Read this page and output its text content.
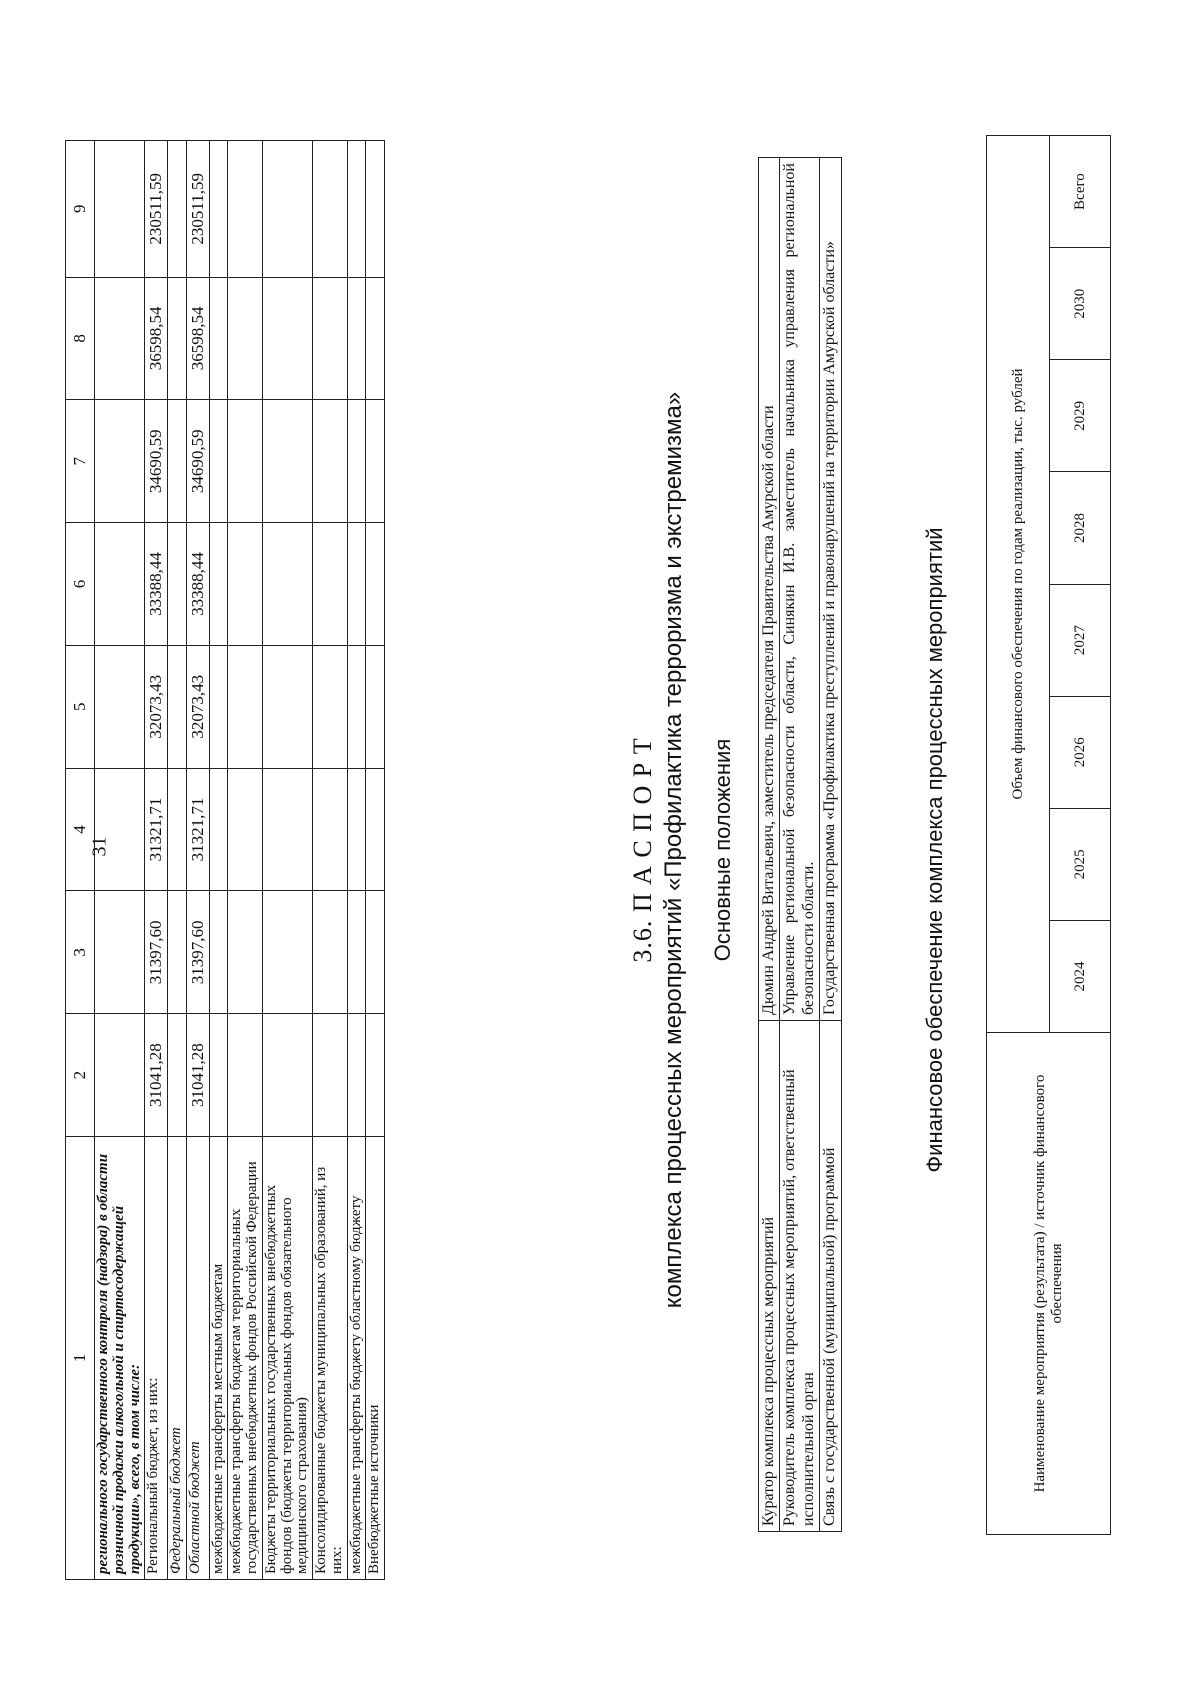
31
1	2	3	4	5	6	7	8	9
регионального государственного контроля (надзора) в области розничной продажи алкогольной и спиртосодержащей продукции», всего, в том числе:								
Региональный бюджет, из них:	31041,28	31397,60	31321,71	32073,43	33388,44	34690,59	36598,54	230511,59
Федеральный бюджет								
Областной бюджет	31041,28	31397,60	31321,71	32073,43	33388,44	34690,59	36598,54	230511,59
межбюджетные трансферты местным бюджетам								
межбюджетные трансферты бюджетам территориальных государственных внебюджетных фондов Российской Федерации								
Бюджеты территориальных государственных внебюджетных фондов (бюджеты территориальных фондов обязательного медицинского страхования)								
Консолидированные бюджеты муниципальных образований, из них:								
межбюджетные трансферты бюджету областному бюджету								
Внебюджетные источники								
3.6. П А С П О Р Т комплекса процессных мероприятий «Профилактика терроризма и экстремизма» Основные положения
Куратор комплекса процессных мероприятий	Дюмин Андрей Витальевич, заместитель председателя Правительства Амурской области
Руководитель комплекса процессных мероприятий, ответственный исполнительной орган	Управление региональной безопасности области, Синякин И.В. заместитель начальника управления региональной безопасности области.
Связь с государственной (муниципальной) программой	Государственная программа «Профилактика преступлений и правонарушений на территории Амурской области»	Финансовое обеспечение комплекса процессных мероприятий
Наименование мероприятия (результата) / источник финансового обеспечения	Объем финансового обеспечения по годам реализации, тыс. рублей							
	2024	2025	2026	2027	2028	2029	2030	Всего
